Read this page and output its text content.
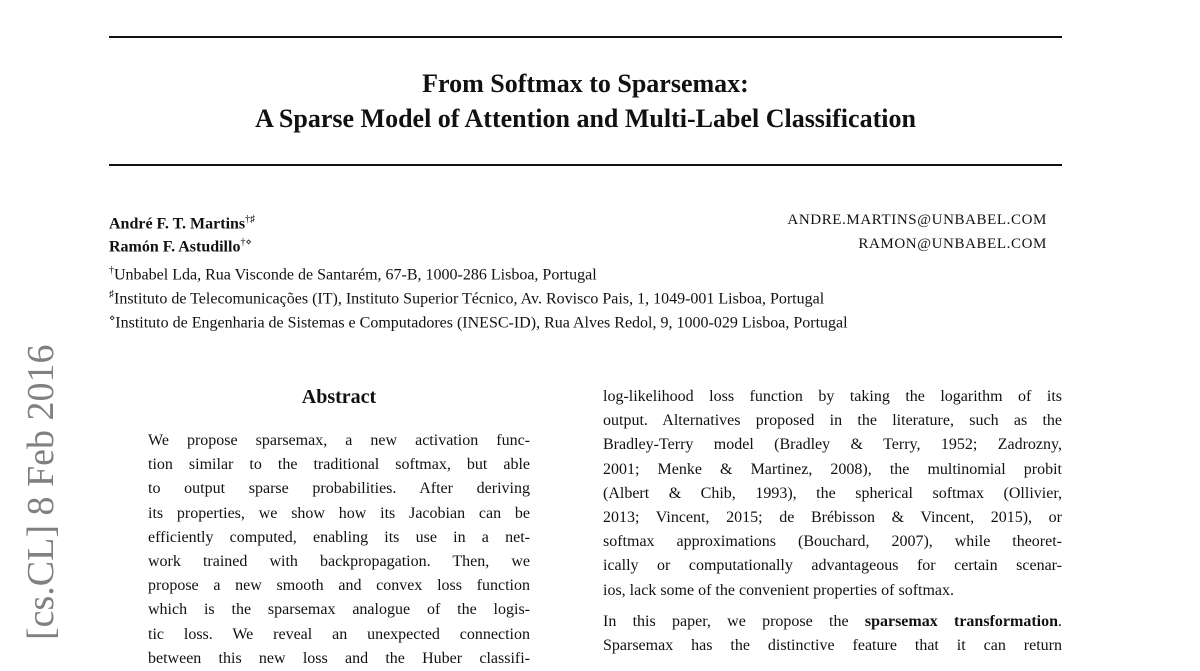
From Softmax to Sparsemax:
A Sparse Model of Attention and Multi-Label Classification
André F. T. Martins†♯
Ramón F. Astudillo†⋄
ANDRE.MARTINS@UNBABEL.COM
RAMON@UNBABEL.COM
†Unbabel Lda, Rua Visconde de Santarém, 67-B, 1000-286 Lisboa, Portugal
♯Instituto de Telecomunicações (IT), Instituto Superior Técnico, Av. Rovisco Pais, 1, 1049-001 Lisboa, Portugal
⋄Instituto de Engenharia de Sistemas e Computadores (INESC-ID), Rua Alves Redol, 9, 1000-029 Lisboa, Portugal
[cs.CL] 8 Feb 2016	Abstract
We propose sparsemax, a new activation func-
tion similar to the traditional softmax, but able
to output sparse probabilities. After deriving
its properties, we show how its Jacobian can be
efficiently computed, enabling its use in a net-
work trained with backpropagation. Then, we
propose a new smooth and convex loss function
which is the sparsemax analogue of the logis-
tic loss. We reveal an unexpected connection
between this new loss and the Huber classifi-
log-likelihood loss function by taking the logarithm of its
output. Alternatives proposed in the literature, such as the
Bradley-Terry model (Bradley & Terry, 1952; Zadrozny,
2001; Menke & Martinez, 2008), the multinomial probit
(Albert & Chib, 1993), the spherical softmax (Ollivier,
2013; Vincent, 2015; de Brébisson & Vincent, 2015), or
softmax approximations (Bouchard, 2007), while theoret-
ically or computationally advantageous for certain scenar-
ios, lack some of the convenient properties of softmax.
In this paper, we propose the sparsemax transformation.
Sparsemax has the distinctive feature that it can return
